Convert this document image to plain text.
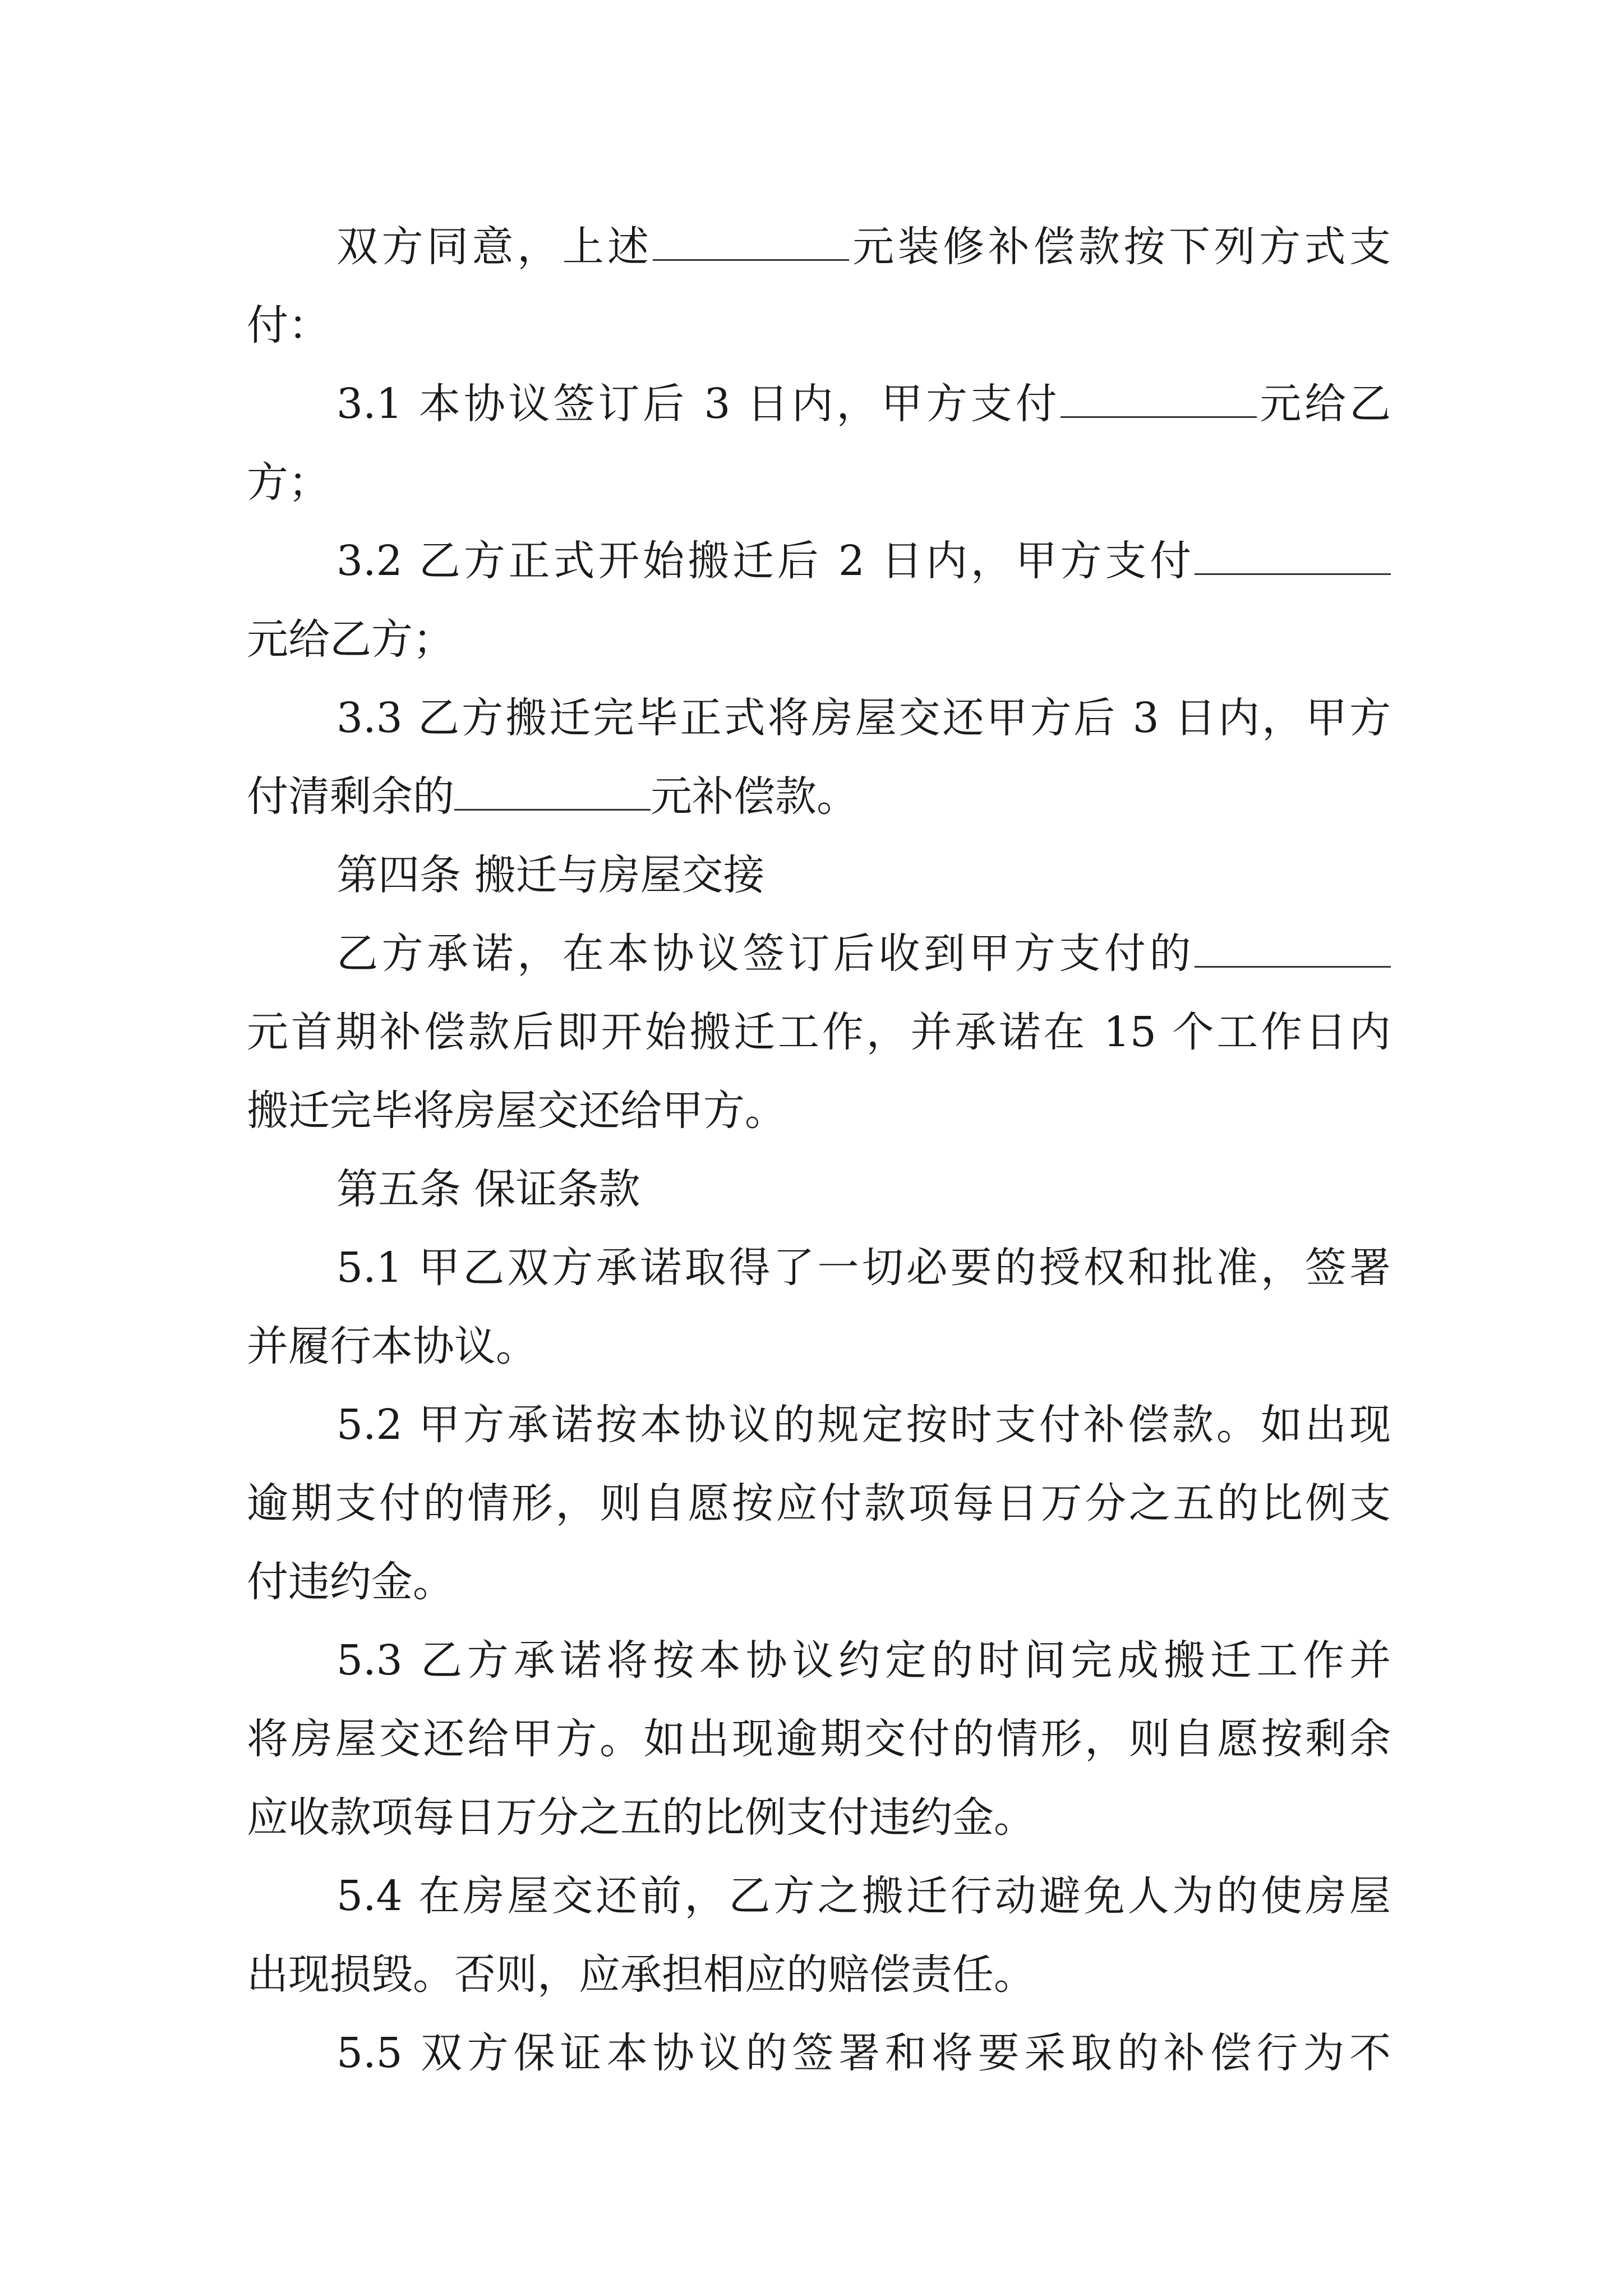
双方同意，上述	元装修补偿款按下列方式支
付：
3.1 本协议签订后 3 日内，甲方支付	元给乙
方；
3.2 乙方正式开始搬迁后 2 日内，甲方支付
元给乙方；
3.3 乙方搬迁完毕正式将房屋交还甲方后 3 日内，甲方
付清剩余的	元补偿款。
第四条 搬迁与房屋交接
乙方承诺，在本协议签订后收到甲方支付的
元首期补偿款后即开始搬迁工作，并承诺在 15 个工作日内
搬迁完毕将房屋交还给甲方。
第五条 保证条款
5.1 甲乙双方承诺取得了一切必要的授权和批准，签署
并履行本协议。
5.2 甲方承诺按本协议的规定按时支付补偿款。如出现
逾期支付的情形，则自愿按应付款项每日万分之五的比例支
付违约金。
5.3 乙方承诺将按本协议约定的时间完成搬迁工作并
将房屋交还给甲方。如出现逾期交付的情形，则自愿按剩余
应收款项每日万分之五的比例支付违约金。
5.4 在房屋交还前，乙方之搬迁行动避免人为的使房屋
出现损毁。否则，应承担相应的赔偿责任。
5.5 双方保证本协议的签署和将要采取的补偿行为不
